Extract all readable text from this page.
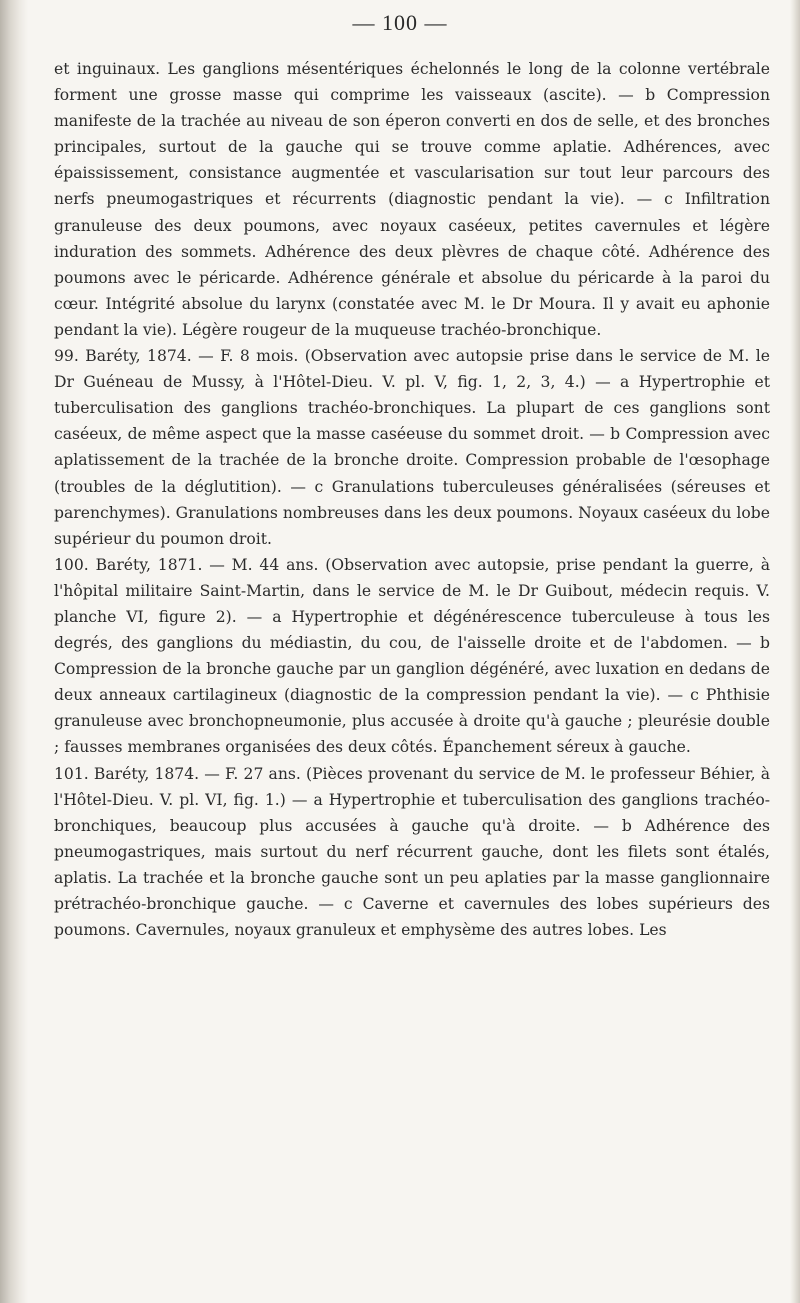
— 100 —

et inguinaux. Les ganglions mésentériques échelonnés le long de la colonne vertébrale forment une grosse masse qui comprime les vaisseaux (ascite). — b Compression manifeste de la trachée au niveau de son éperon converti en dos de selle, et des bronches principales, surtout de la gauche qui se trouve comme aplatie. Adhérences, avec épaississement, consistance augmentée et vascularisation sur tout leur parcours des nerfs pneumogastriques et récurrents (diagnostic pendant la vie). — c Infiltration granuleuse des deux poumons, avec noyaux caséeux, petites cavernules et légère induration des sommets. Adhérence des deux plèvres de chaque côté. Adhérence des poumons avec le péricarde. Adhérence générale et absolue du péricarde à la paroi du cœur. Intégrité absolue du larynx (constatée avec M. le Dr Moura. Il y avait eu aphonie pendant la vie). Légère rougeur de la muqueuse trachéo-bronchique.

99. Baréty, 1874. — F. 8 mois. (Observation avec autopsie prise dans le service de M. le Dr Guéneau de Mussy, à l'Hôtel-Dieu. V. pl. V, fig. 1, 2, 3, 4.) — a Hypertrophie et tuberculisation des ganglions trachéo-bronchiques. La plupart de ces ganglions sont caséeux, de même aspect que la masse caséeuse du sommet droit. — b Compression avec aplatissement de la trachée de la bronche droite. Compression probable de l'œsophage (troubles de la déglutition). — c Granulations tuberculeuses généralisées (séreuses et parenchymes). Granulations nombreuses dans les deux poumons. Noyaux caséeux du lobe supérieur du poumon droit.

100. Baréty, 1871. — M. 44 ans. (Observation avec autopsie, prise pendant la guerre, à l'hôpital militaire Saint-Martin, dans le service de M. le Dr Guibout, médecin requis. V. planche VI, figure 2). — a Hypertrophie et dégénérescence tuberculeuse à tous les degrés, des ganglions du médiastin, du cou, de l'aisselle droite et de l'abdomen. — b Compression de la bronche gauche par un ganglion dégénéré, avec luxation en dedans de deux anneaux cartilagineux (diagnostic de la compression pendant la vie). — c Phthisie granuleuse avec bronchopneumonie, plus accusée à droite qu'à gauche ; pleurésie double ; fausses membranes organisées des deux côtés. Épanchement séreux à gauche.

101. Baréty, 1874. — F. 27 ans. (Pièces provenant du service de M. le professeur Béhier, à l'Hôtel-Dieu. V. pl. VI, fig. 1.) — a Hypertrophie et tuberculisation des ganglions trachéo-bronchiques, beaucoup plus accusées à gauche qu'à droite. — b Adhérence des pneumogastriques, mais surtout du nerf récurrent gauche, dont les filets sont étalés, aplatis. La trachée et la bronche gauche sont un peu aplaties par la masse ganglionnaire prétrachéo-bronchique gauche. — c Caverne et cavernules des lobes supérieurs des poumons. Cavernules, noyaux granuleux et emphysème des autres lobes. Les
